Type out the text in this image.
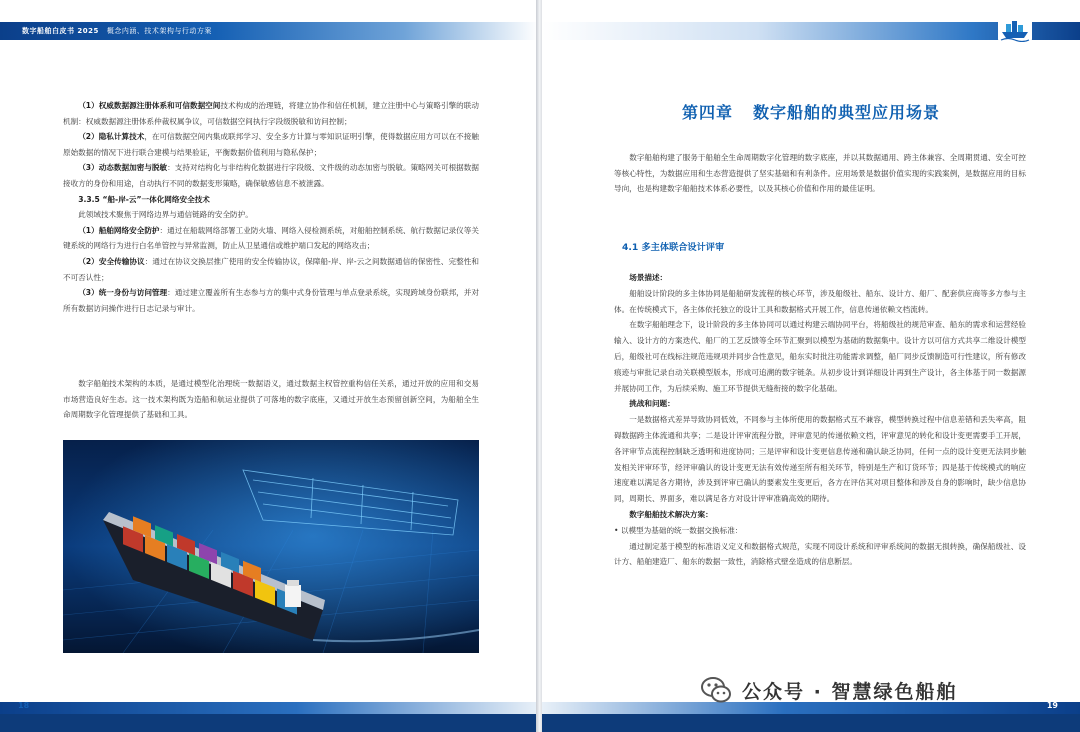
数字船舶白皮书 2025 概念内涵、技术架构与行动方案

（1）权威数据源注册体系和可信数据空间技术构成的治理链，将建立协作和信任机制，建立注册中心与策略引擎的联动机制：权威数据源注册体系仲裁权属争议，可信数据空间执行字段级脱敏和访问控制；

（2）隐私计算技术，在可信数据空间内集成联邦学习、安全多方计算与零知识证明引擎，使得数据应用方可以在不接触原始数据的情况下进行联合建模与结果验证，平衡数据价值利用与隐私保护；

（3）动态数据加密与脱敏：支持对结构化与非结构化数据进行字段级、文件级的动态加密与脱敏。策略网关可根据数据接收方的身份和用途，自动执行不同的数据变形策略，确保敏感信息不被泄露。

3.3.5 “船-岸-云”一体化网络安全技术

此领域技术聚焦于网络边界与通信链路的安全防护。

（1）船舶网络安全防护：通过在船载网络部署工业防火墙、网络入侵检测系统，对船舶控制系统、航行数据记录仪等关键系统的网络行为进行白名单管控与异常监测，防止从卫星通信或维护端口发起的网络攻击；

（2）安全传输协议：通过在协议交换层推广使用的安全传输协议，保障船-岸、岸-云之间数据通信的保密性、完整性和不可否认性；

（3）统一身份与访问管理：通过建立覆盖所有生态参与方的集中式身份管理与单点登录系统，实现跨域身份联邦，并对所有数据访问操作进行日志记录与审计。

数字船舶技术架构的本质，是通过模型化治理统一数据语义，通过数据主权管控重构信任关系，通过开放的应用和交易市场营造良好生态。这一技术架构既为造船和航运业提供了可落地的数字底座，又通过开放生态预留创新空间，为船舶全生命周期数字化管理提供了基础和工具。

18
第四章 数字船舶的典型应用场景

数字船舶构建了服务于船舶全生命周期数字化管理的数字底座，并以其数据通用、跨主体兼容、全周期贯通、安全可控等核心特性，为数据应用和生态营造提供了坚实基础和有利条件。应用场景是数据价值实现的实践案例，是数据应用的目标导向，也是构建数字船舶技术体系必要性，以及其核心价值和作用的最佳证明。

4.1 多主体联合设计评审

场景描述：

船舶设计阶段的多主体协同是船舶研发流程的核心环节，涉及船级社、船东、设计方、船厂、配套供应商等多方参与主体。在传统模式下，各主体依托独立的设计工具和数据格式开展工作，信息传递依赖文档流转。

在数字船舶理念下，设计阶段的多主体协同可以通过构建云端协同平台，将船级社的规范审查、船东的需求和运营经验输入、设计方的方案迭代、船厂的工艺反馈等全环节汇聚到以模型为基础的数据集中。设计方以可信方式共享二维设计模型后，船级社可在线标注规范违规项并同步合性意见，船东实时批注功能需求调整，船厂同步反馈制造可行性建议，所有修改痕迹与审批记录自动关联模型版本，形成可追溯的数字链条。从初步设计到详细设计再到生产设计，各主体基于同一数据源并展协同工作，为后续采购、施工环节提供无缝衔接的数字化基础。

挑战和问题：

一是数据格式差异导致协同低效，不同参与主体所使用的数据格式互不兼容，模型转换过程中信息差错和丢失率高，阻碍数据跨主体流通和共享；二是设计评审流程分散，评审意见的传递依赖文档，评审意见的转化和设计变更需要手工开展，各评审节点流程控制缺乏透明和进度协同；三是评审和设计变更信息传递和确认缺乏协同，任何一点的设计变更无法同步触发相关评审环节，经评审确认的设计变更无法有效传递至所有相关环节，特别是生产和订货环节；四是基于传统模式的响应速度难以满足各方期待，涉及到评审已确认的要素发生变更后，各方在评估其对项目整体和涉及自身的影响时，缺少信息协同，周期长、界面多，难以满足各方对设计评审准确高效的期待。

数字船舶技术解决方案：

• 以模型为基础的统一数据交换标准：

通过制定基于模型的标准语义定义和数据格式规范，实现不同设计系统和评审系统间的数据无损转换，确保船级社、设计方、船舶建造厂、船东的数据一致性，消除格式壁垒造成的信息断层。

19
公众号 · 智慧绿色船舶
